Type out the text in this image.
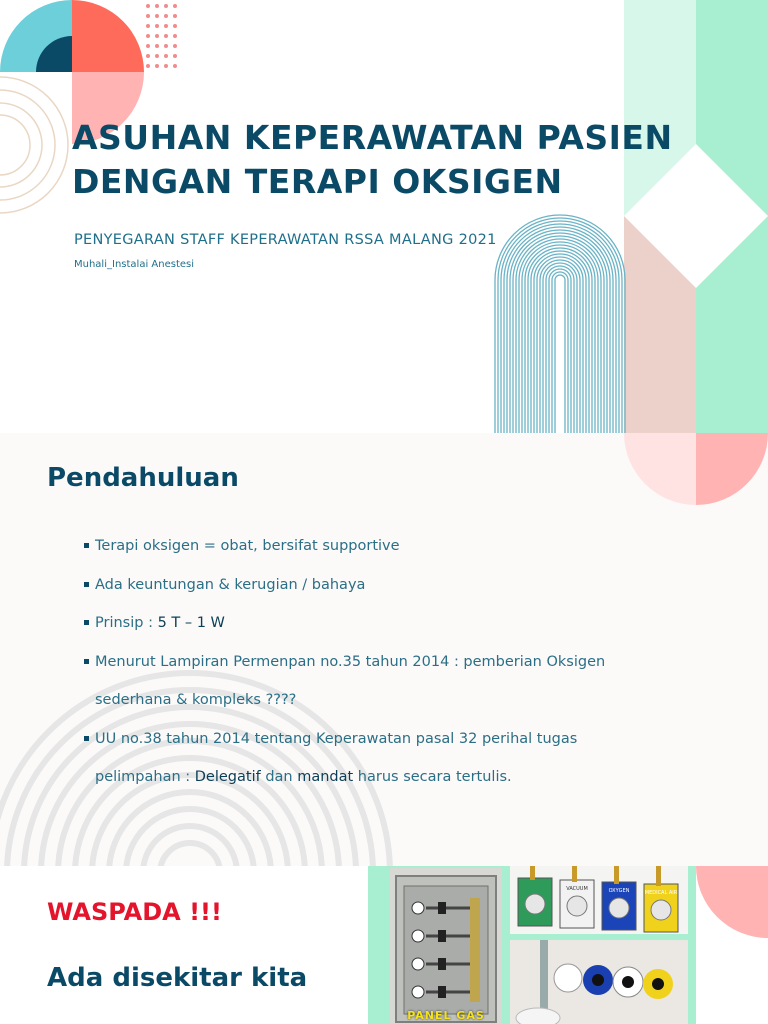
ASUHAN KEPERAWATAN PASIEN
DENGAN TERAPI OKSIGEN
PENYEGARAN STAFF KEPERAWATAN RSSA MALANG 2021
Muhali_Instalai Anestesi
Pendahuluan
Terapi oksigen = obat, bersifat supportive
Ada keuntungan & kerugian / bahaya
Prinsip : 5 T – 1 W
Menurut Lampiran Permenpan no.35 tahun 2014 : pemberian Oksigen
sederhana & kompleks ????
UU no.38 tahun 2014 tentang Keperawatan pasal 32 perihal tugas
pelimpahan : Delegatif dan mandat harus secara tertulis.
WASPADA !!!
Ada disekitar kita
PANEL GAS
VACUUM	OXYGEN	MEDICAL AIR
